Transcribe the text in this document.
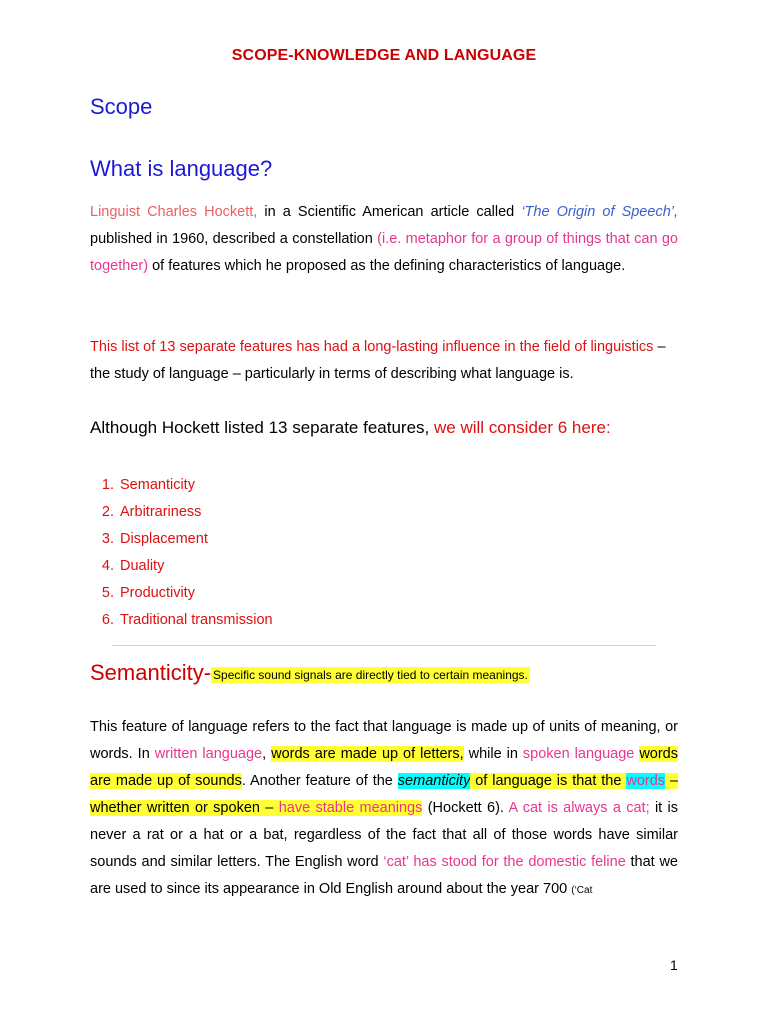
SCOPE-KNOWLEDGE AND LANGUAGE
Scope
What is language?

Linguist Charles Hockett, in a Scientific American article called ‘The Origin of Speech’, published in 1960, described a constellation (i.e. metaphor for a group of things that can go together) of features which he proposed as the defining characteristics of language.

This list of 13 separate features has had a long-lasting influence in the field of linguistics – the study of language – particularly in terms of describing what language is.

Although Hockett listed 13 separate features, we will consider 6 here:
1. Semanticity
2. Arbitrariness
3. Displacement
4. Duality
5. Productivity
6. Traditional transmission
Semanticity- Specific sound signals are directly tied to certain meanings.

This feature of language refers to the fact that language is made up of units of meaning, or words. In written language, words are made up of letters, while in spoken language words are made up of sounds. Another feature of the semanticity of language is that the words – whether written or spoken – have stable meanings (Hockett 6). A cat is always a cat; it is never a rat or a hat or a bat, regardless of the fact that all of those words have similar sounds and similar letters. The English word ‘cat’ has stood for the domestic feline that we are used to since its appearance in Old English around about the year 700 (‘Cat

1
